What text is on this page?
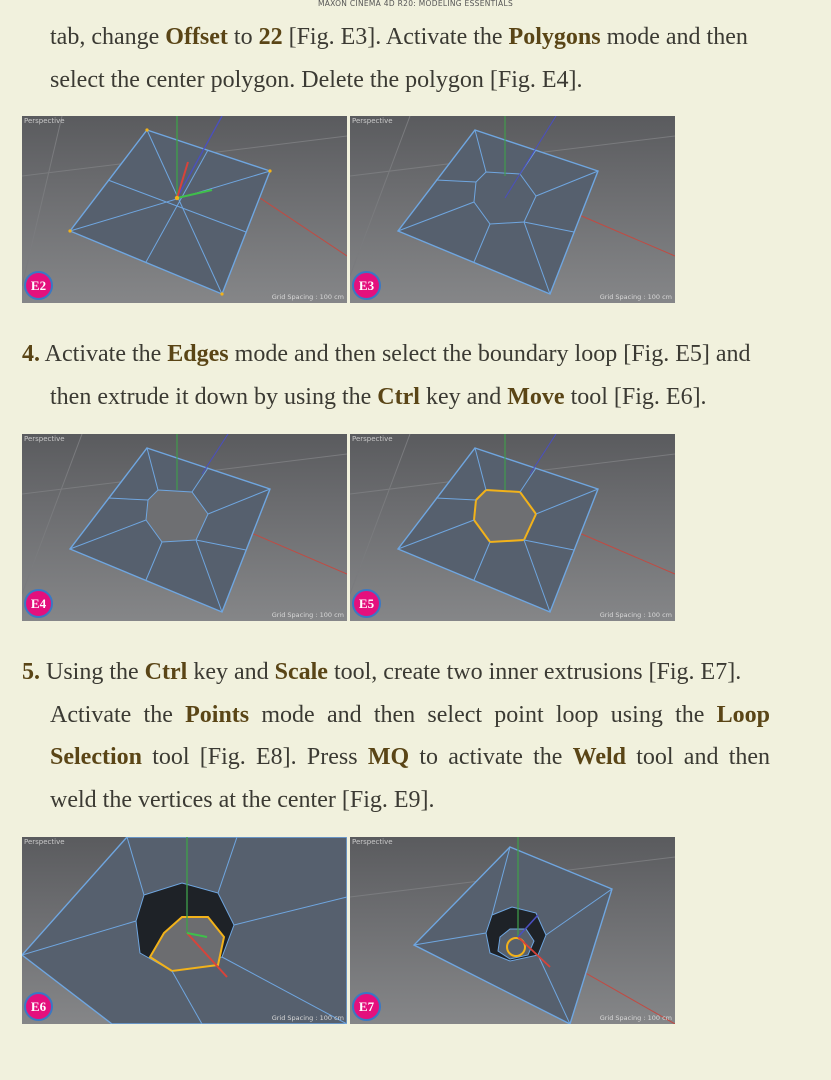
MAXON CINEMA 4D R20: MODELING ESSENTIALS

tab, change Offset to 22 [Fig. E3]. Activate the Polygons mode and then
select the center polygon. Delete the polygon [Fig. E4].

Perspective
Grid Spacing : 100 cm
E2
Perspective
Grid Spacing : 100 cm
E3

4. Activate the Edges mode and then select the boundary loop [Fig. E5] and
then extrude it down by using the Ctrl key and Move tool [Fig. E6].

Perspective
Grid Spacing : 100 cm
E4
Perspective
Grid Spacing : 100 cm
E5

5. Using the Ctrl key and Scale tool, create two inner extrusions [Fig. E7].
Activate the Points mode and then select point loop using the Loop
Selection tool [Fig. E8]. Press MQ to activate the Weld tool and then
weld the vertices at the center [Fig. E9].

Perspective
Grid Spacing : 100 cm
E6
Perspective
Grid Spacing : 100 cm
E7
